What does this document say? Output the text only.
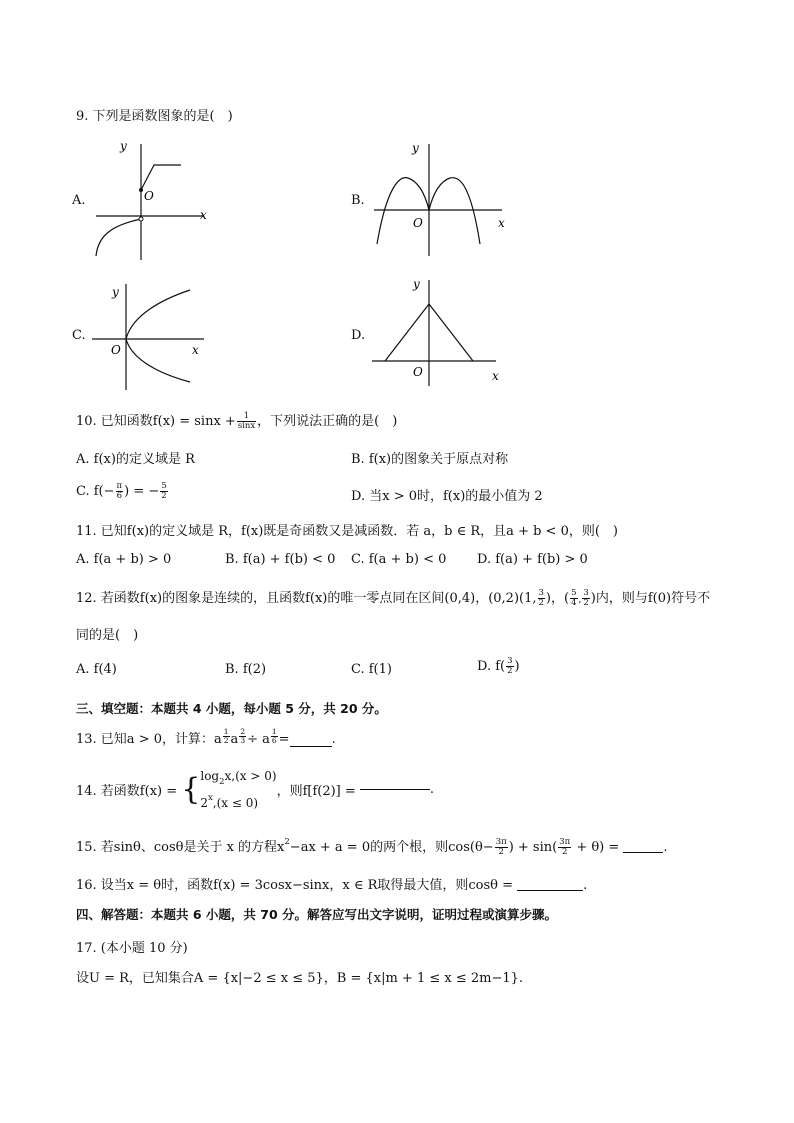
9. 下列是函数图象的是(　)
A.
y
x
O	B.
y
x
O
C.
y
x
O
D.
y
x
O
10. 已知函数$f(x) = \sin x + \frac{1}{\sin x}$ ，下列说法正确的是(　)
A. f(x)的定义域是 R	B. f(x)的图象关于原点对称
C. $f(- \frac{\pi}{6}$ ) = − $\frac{5}{2}$	D. 当x > 0时，f(x)的最小值为 2
11. 已知f(x)的定义域是 R，f(x)既是奇函数又是减函数．若 a，b ∈ R，且a + b < 0，则(　)
A. f(a + b) > 0	B. f(a) + f(b) < 0 C. f(a + b) < 0 D. f(a) + f(b) > 0
12. 若函数f(x)的图象是连续的，且函数f(x)的唯一零点同在区间(0,4)，(0,2)(1, $\frac{3}{2}$ )，( $\frac{5}{4}$ , $\frac{3}{2}$ )内，则与f(0)符号不
同的是(　)
A. f(4)	B. f(2)	C. f(1)	D. $f( \frac{3}{2}$ )
三、填空题：本题共 4 小题，每小题 5 分，共 20 分。
13. 已知a > 0，计算：a $\frac{1}{2}$ a $\frac{2}{3} \div a \frac{1}{6}$ =	.
14. 若函数f(x) = { $\log_2x,(x > 0)$
$2^x,(x \le 0)$
，则f[f(2)] =	.
15. 若sinθ、cosθ是关于 x 的方程$x^2-ax + a = 0$的两个根，则$\cos(\theta- \frac{3\pi}{2}$ ) + $\sin( \frac{3\pi}{2} + \theta)$ =	.
16. 设当x = θ时，函数f(x) = 3cosx−sinx，x ∈ R取得最大值，则cosθ =	.
四、解答题：本题共 6 小题，共 70 分。解答应写出文字说明，证明过程或演算步骤。
17. (本小题 10 分)
设U = R，已知集合A = {x|−2 ≤ x ≤ 5}，B = {x|m + 1 ≤ x ≤ 2m−1}.
